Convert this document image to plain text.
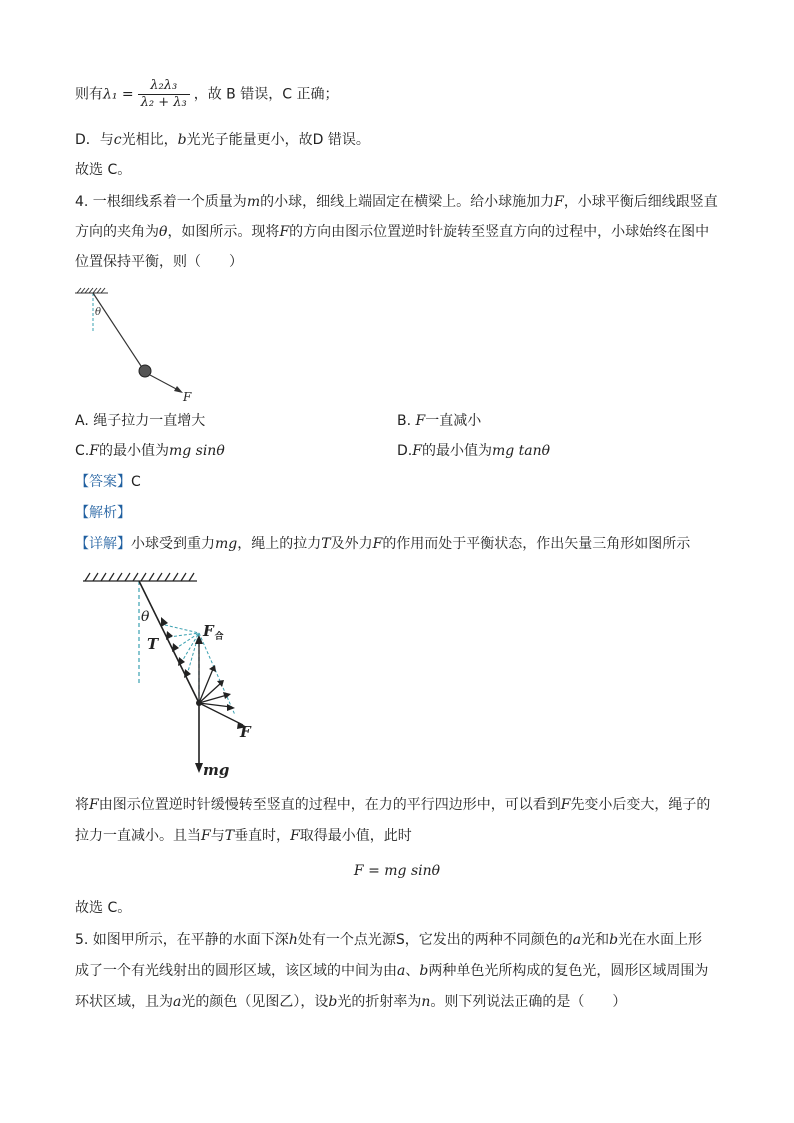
则有$\lambda_1 = \frac{\text{λ₂λ₃}}{\text{λ₂ + λ₃}}$ ，故 B 错误，C 正确；
D．与c光相比，b光光子能量更小，故D 错误。
故选 C。
4. 一根细线系着一个质量为m的小球，细线上端固定在横梁上。给小球施加力F，小球平衡后细线跟竖直
方向的夹角为θ，如图所示。现将F的方向由图示位置逆时针旋转至竖直方向的过程中，小球始终在图中
位置保持平衡，则（　　）
θ
F
A. 绳子拉力一直增大	B. F一直减小
C.F的最小值为mg sinθ	D.F的最小值为mg tanθ
【答案】C
【解析】
【详解】小球受到重力mg，绳上的拉力T及外力F的作用而处于平衡状态，作出矢量三角形如图所示
θ
T
$F_合$
F
mg
将F由图示位置逆时针缓慢转至竖直的过程中，在力的平行四边形中，可以看到F先变小后变大，绳子的
拉力一直减小。且当F与T垂直时，F取得最小值，此时
F = mg sinθ
故选 C。
5. 如图甲所示，在平静的水面下深h处有一个点光源S，它发出的两种不同颜色的a光和b光在水面上形
成了一个有光线射出的圆形区域，该区域的中间为由a、b两种单色光所构成的复色光，圆形区域周围为
环状区域，且为a光的颜色（见图乙），设b光的折射率为n。则下列说法正确的是（　　）
